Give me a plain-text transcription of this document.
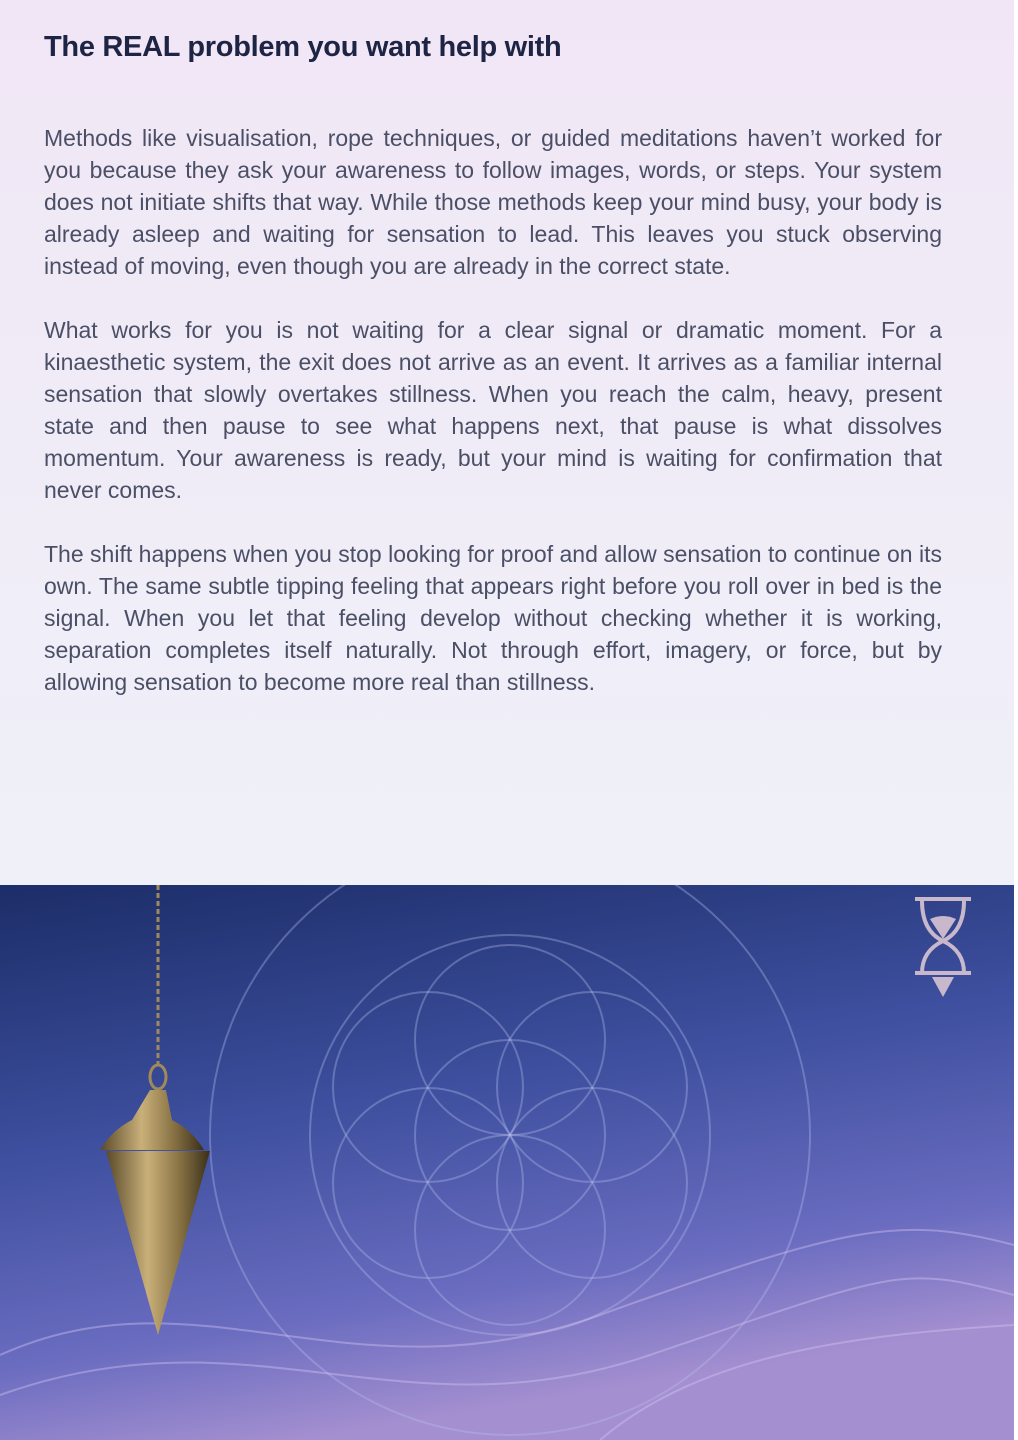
The REAL problem you want help with

Methods like visualisation, rope techniques, or guided meditations haven’t worked for you because they ask your awareness to follow images, words, or steps. Your system does not initiate shifts that way. While those methods keep your mind busy, your body is already asleep and waiting for sensation to lead. This leaves you stuck observing instead of moving, even though you are already in the correct state.

What works for you is not waiting for a clear signal or dramatic moment. For a kinaesthetic system, the exit does not arrive as an event. It arrives as a familiar internal sensation that slowly overtakes stillness. When you reach the calm, heavy, present state and then pause to see what happens next, that pause is what dissolves momentum. Your awareness is ready, but your mind is waiting for confirmation that never comes.

The shift happens when you stop looking for proof and allow sensation to continue on its own. The same subtle tipping feeling that appears right before you roll over in bed is the signal. When you let that feeling develop without checking whether it is working, separation completes itself naturally. Not through effort, imagery, or force, but by allowing sensation to become more real than stillness.
